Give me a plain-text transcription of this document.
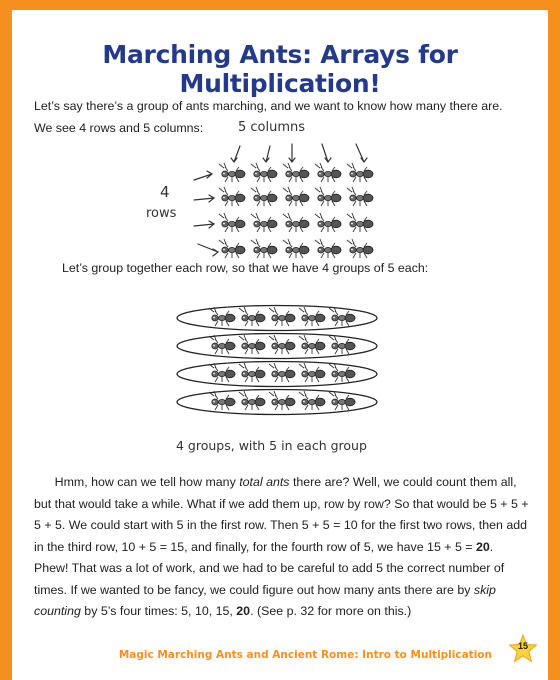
Marching Ants: Arrays for Multiplication!
Let’s say there’s a group of ants marching, and we want to know how many there are. We see 4 rows and 5 columns:	5 columns
4
rows
Let’s group together each row, so that we have 4 groups of 5 each:
4 groups, with 5 in each group
Hmm, how can we tell how many total ants there are? Well, we could count them all, but that would take a while. What if we add them up, row by row? So that would be 5 + 5 + 5 + 5. We could start with 5 in the first row. Then 5 + 5 = 10 for the first two rows, then add in the third row, 10 + 5 = 15, and finally, for the fourth row of 5, we have 15 + 5 = 20. Phew! That was a lot of work, and we had to be careful to add 5 the correct number of times. If we wanted to be fancy, we could figure out how many ants there are by skip counting by 5’s four times: 5, 10, 15, 20. (See p. 32 for more on this.)
Magic Marching Ants and Ancient Rome: Intro to Multiplication
15
